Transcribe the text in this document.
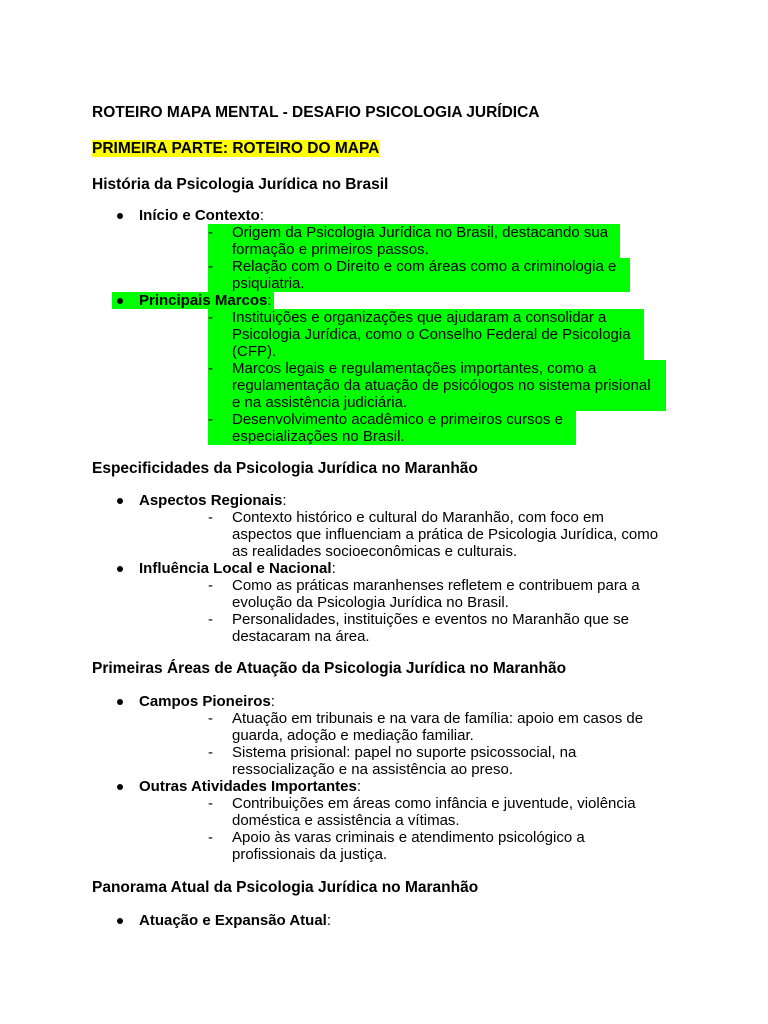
ROTEIRO MAPA MENTAL - DESAFIO PSICOLOGIA JURÍDICA
PRIMEIRA PARTE: ROTEIRO DO MAPA
História da Psicologia Jurídica no Brasil
Início e Contexto:
- Origem da Psicologia Jurídica no Brasil, destacando sua
formação e primeiros passos.
- Relação com o Direito e com áreas como a criminologia e
psiquiatria.
Principais Marcos:
- Instituições e organizações que ajudaram a consolidar a
Psicologia Jurídica, como o Conselho Federal de Psicologia
(CFP).
- Marcos legais e regulamentações importantes, como a
regulamentação da atuação de psicólogos no sistema prisional
e na assistência judiciária.
- Desenvolvimento acadêmico e primeiros cursos e
especializações no Brasil.
Especificidades da Psicologia Jurídica no Maranhão
Aspectos Regionais:
- Contexto histórico e cultural do Maranhão, com foco em
aspectos que influenciam a prática de Psicologia Jurídica, como
as realidades socioeconômicas e culturais.
Influência Local e Nacional:
- Como as práticas maranhenses refletem e contribuem para a
evolução da Psicologia Jurídica no Brasil.
- Personalidades, instituições e eventos no Maranhão que se
destacaram na área.
Primeiras Áreas de Atuação da Psicologia Jurídica no Maranhão
Campos Pioneiros:
- Atuação em tribunais e na vara de família: apoio em casos de
guarda, adoção e mediação familiar.
- Sistema prisional: papel no suporte psicossocial, na
ressocialização e na assistência ao preso.
Outras Atividades Importantes:
- Contribuições em áreas como infância e juventude, violência
doméstica e assistência a vítimas.
- Apoio às varas criminais e atendimento psicológico a
profissionais da justiça.
Panorama Atual da Psicologia Jurídica no Maranhão
Atuação e Expansão Atual:
